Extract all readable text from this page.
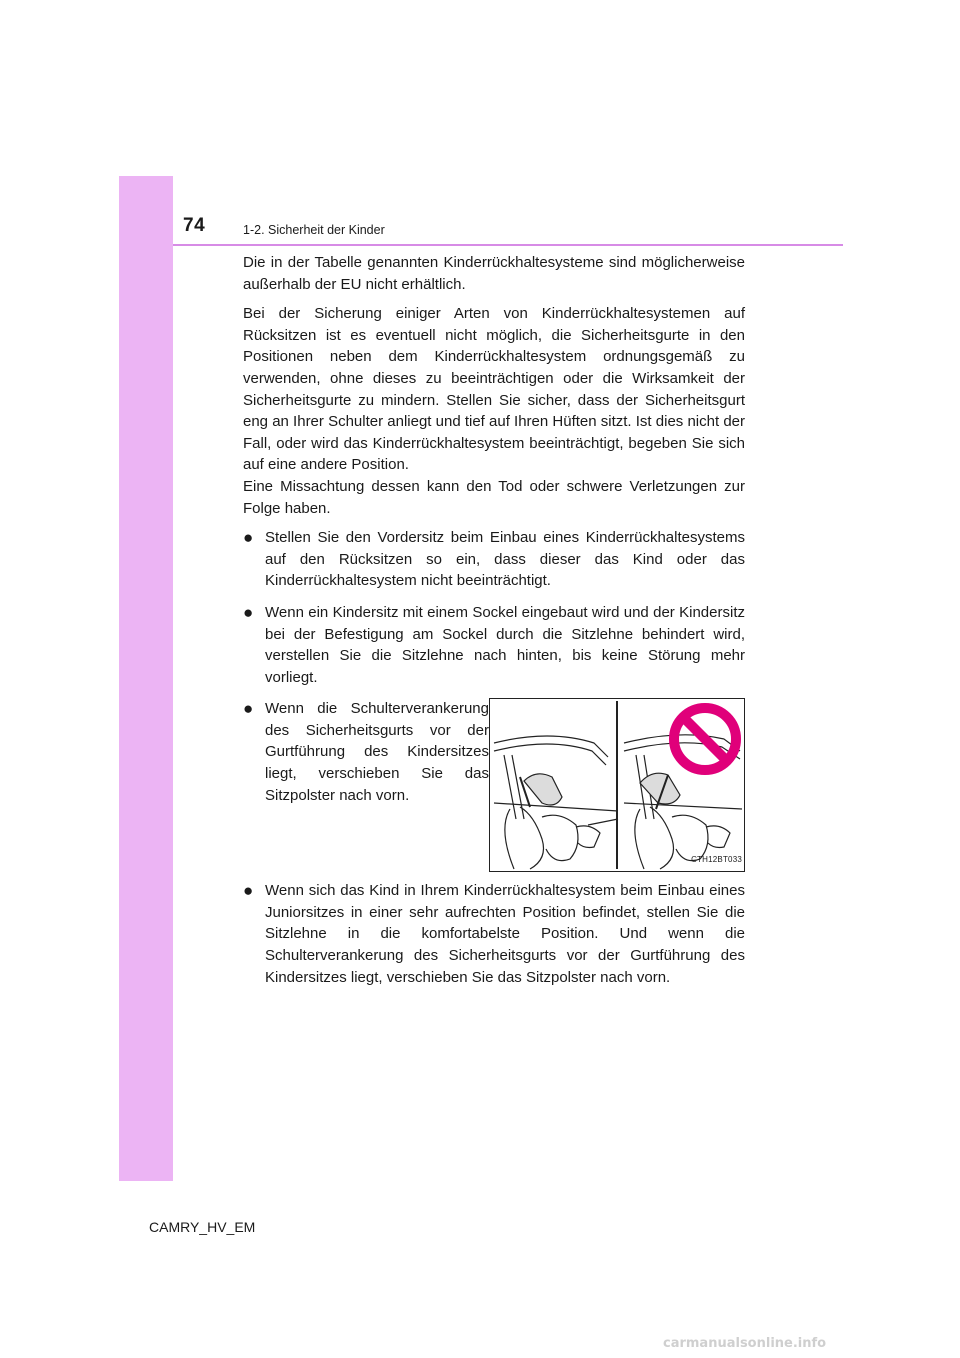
74	1-2. Sicherheit der Kinder

Die in der Tabelle genannten Kinderrückhaltesysteme sind möglicherweise außerhalb der EU nicht erhältlich.

Bei der Sicherung einiger Arten von Kinderrückhaltesystemen auf Rücksitzen ist es eventuell nicht möglich, die Sicherheitsgurte in den Positionen neben dem Kinderrückhaltesystem ordnungsgemäß zu verwenden, ohne dieses zu beeinträchtigen oder die Wirksamkeit der Sicherheitsgurte zu mindern. Stellen Sie sicher, dass der Sicherheitsgurt eng an Ihrer Schulter anliegt und tief auf Ihren Hüften sitzt. Ist dies nicht der Fall, oder wird das Kinderrückhaltesystem beeinträchtigt, begeben Sie sich auf eine andere Position.

Eine Missachtung dessen kann den Tod oder schwere Verletzungen zur Folge haben.

● Stellen Sie den Vordersitz beim Einbau eines Kinderrückhaltesystems auf den Rücksitzen so ein, dass dieser das Kind oder das Kinderrückhaltesystem nicht beeinträchtigt.
● Wenn ein Kindersitz mit einem Sockel eingebaut wird und der Kindersitz bei der Befestigung am Sockel durch die Sitzlehne behindert wird, verstellen Sie die Sitzlehne nach hinten, bis keine Störung mehr vorliegt.
● Wenn die Schulterverankerung des Sicherheitsgurts vor der Gurtführung des Kindersitzes liegt, verschieben Sie das Sitzpolster nach vorn.
CTH12BT033
● Wenn sich das Kind in Ihrem Kinderrückhaltesystem beim Einbau eines Juniorsitzes in einer sehr aufrechten Position befindet, stellen Sie die Sitzlehne in die komfortabelste Position. Und wenn die Schulterverankerung des Sicherheitsgurts vor der Gurtführung des Kindersitzes liegt, verschieben Sie das Sitzpolster nach vorn.
CAMRY_HV_EM
carmanualsonline.info
